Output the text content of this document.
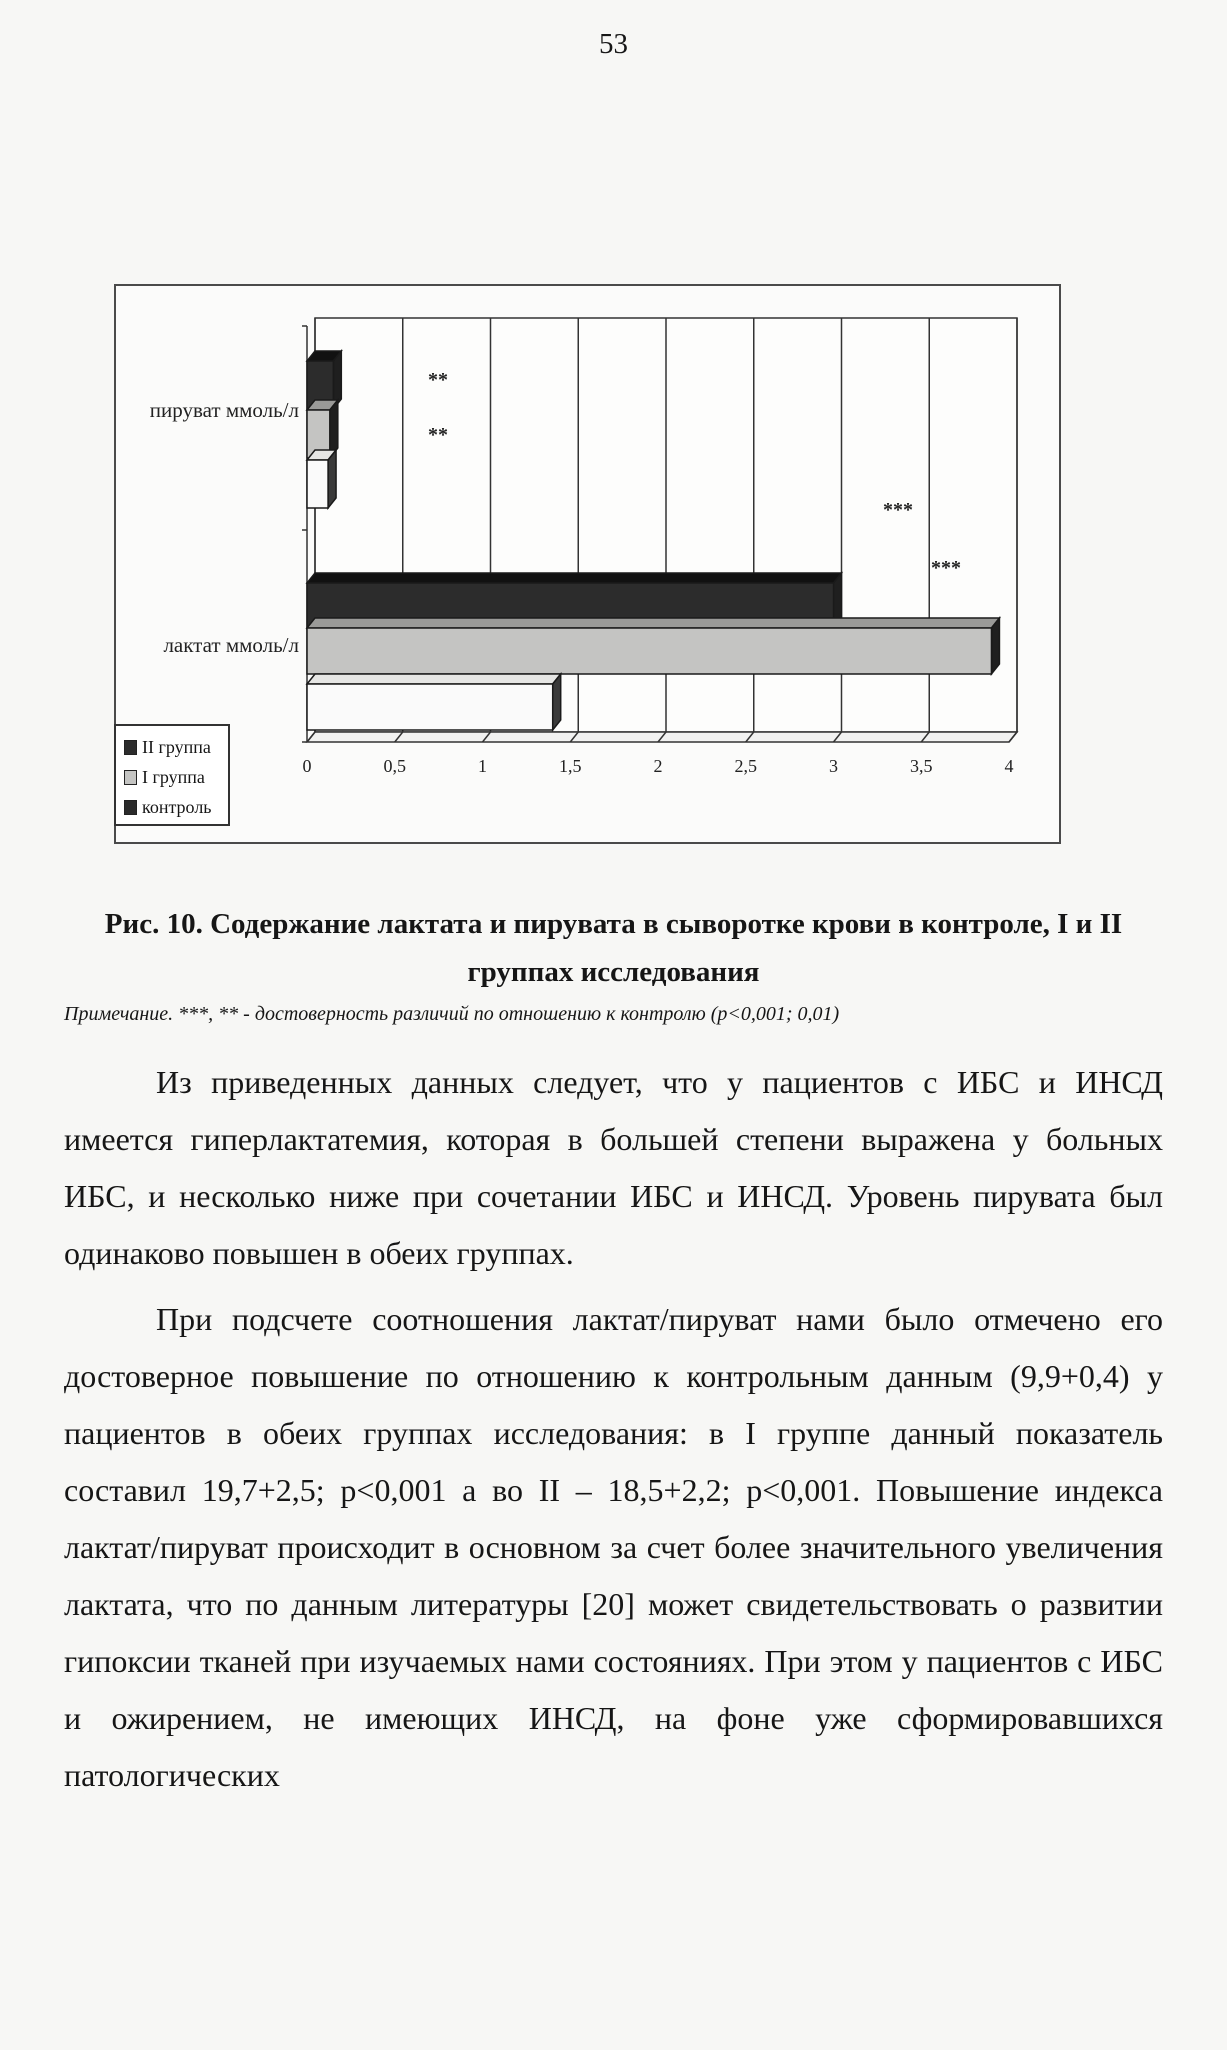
53
0	0,5	1	1,5	2	2,5	3	3,5	4
пируват ммоль/л
лактат ммоль/л
**
**
***
***
II группа
I группа
контроль
Рис. 10. Содержание лактата и пирувата в сыворотке крови в контроле, I и II
группах исследования
Примечание. ***, ** - достоверность различий по отношению к контролю (р<0,001; 0,01)

Из приведенных данных следует, что у пациентов с ИБС и ИНСД имеется гиперлактатемия, которая в большей степени выражена у больных ИБС, и несколько ниже при сочетании ИБС и ИНСД. Уровень пирувата был одинаково повышен в обеих группах.

При подсчете соотношения лактат/пируват нами было отмечено его достоверное повышение по отношению к контрольным данным (9,9+0,4) у пациентов в обеих группах исследования: в I группе данный показатель составил 19,7+2,5; р<0,001 а во II – 18,5+2,2; р<0,001. Повышение индекса лактат/пируват происходит в основном за счет более значительного увеличения лактата, что по данным литературы [20] может свидетельствовать о развитии гипоксии тканей при изучаемых нами состояниях. При этом у пациентов с ИБС и ожирением, не имеющих ИНСД, на фоне уже сформировавшихся патологических
